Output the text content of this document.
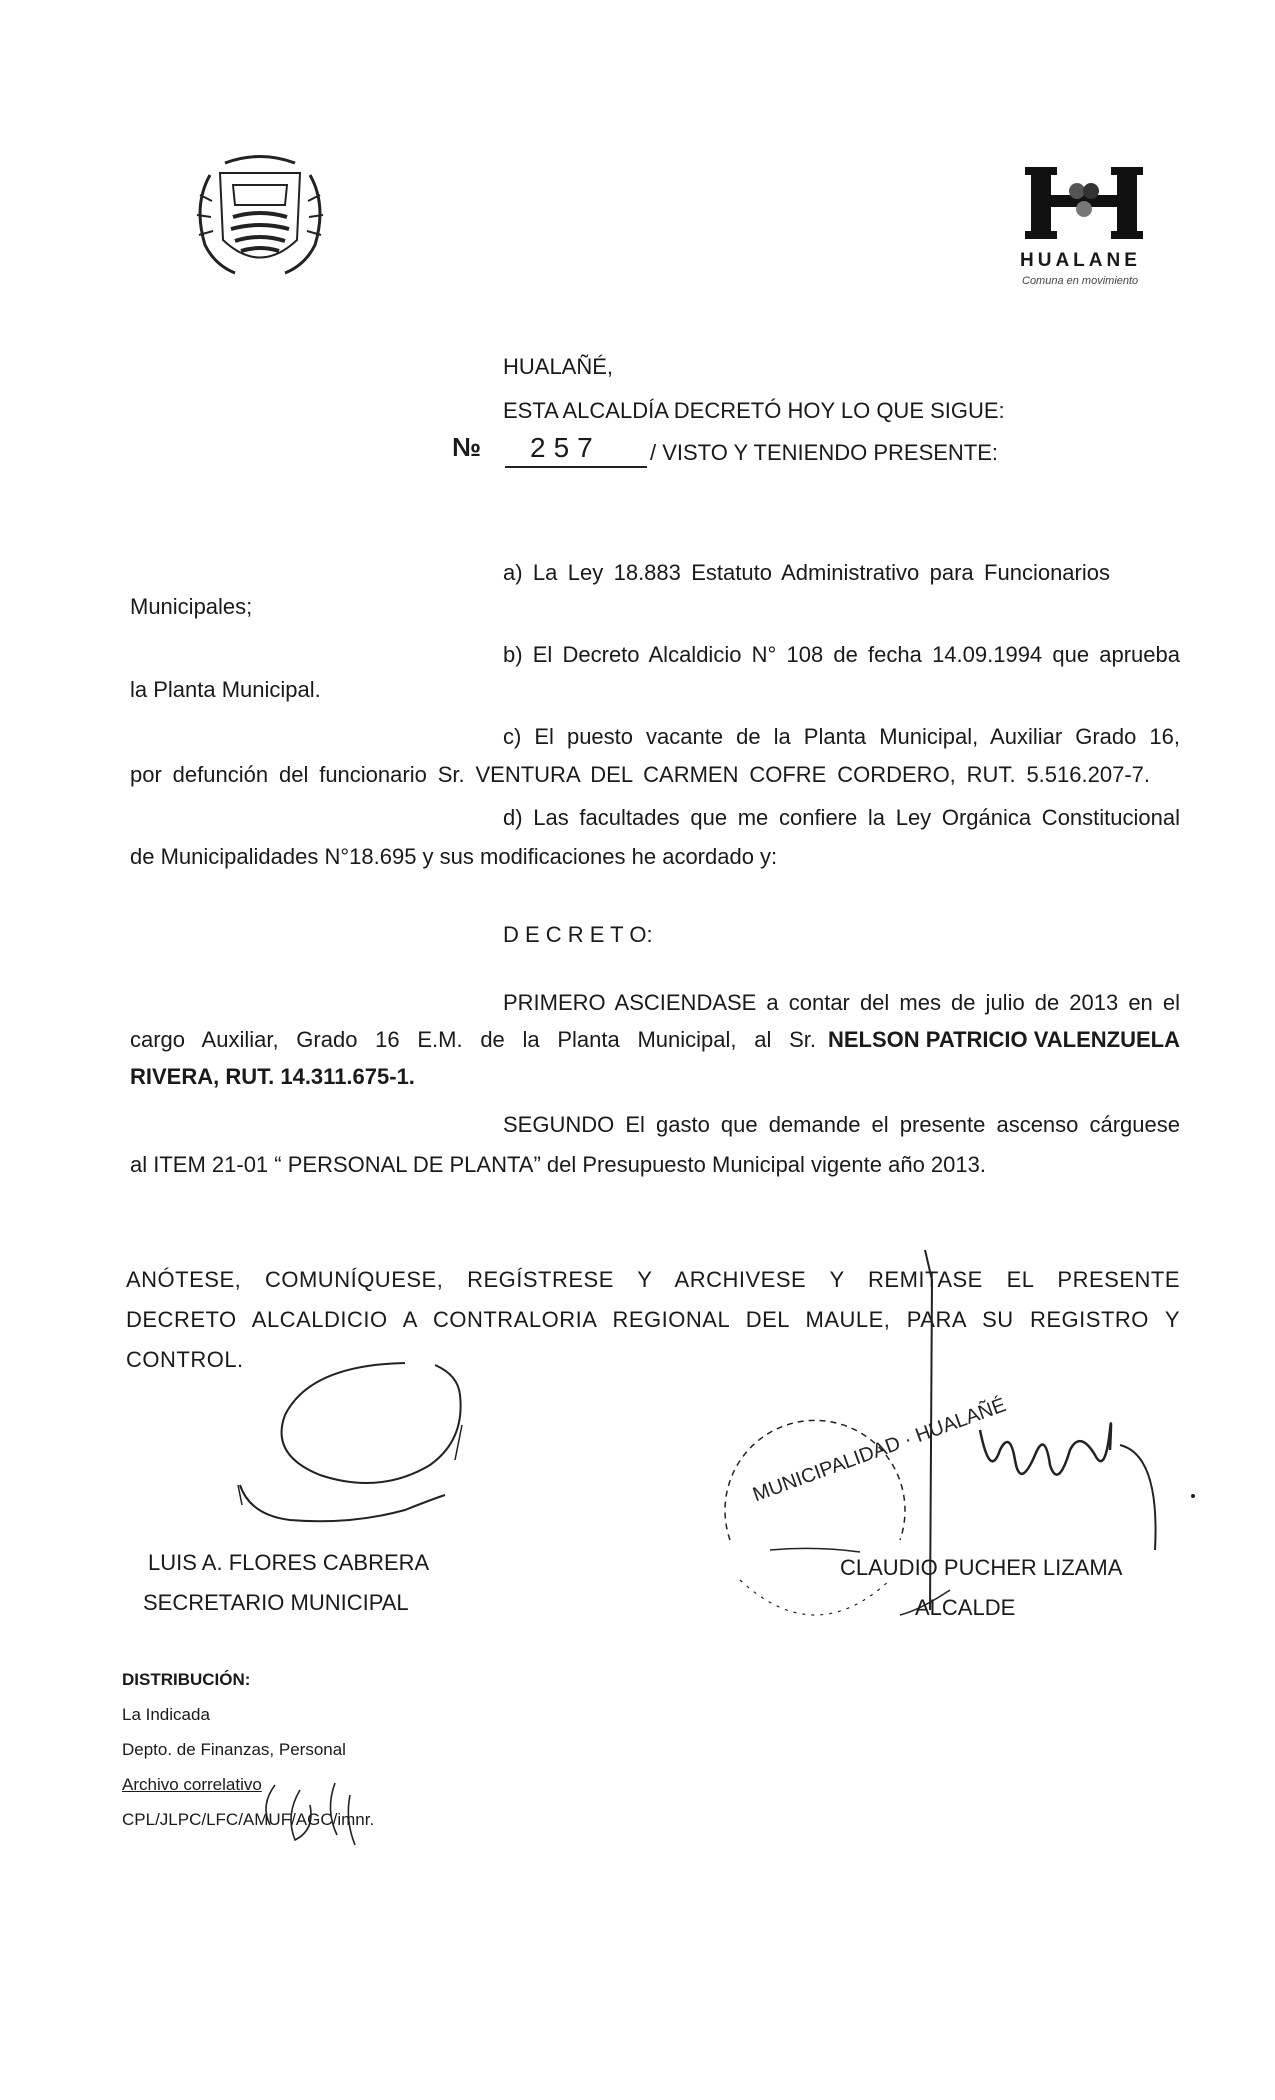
HUALANE
Comuna en movimiento
HUALAÑÉ,
ESTA ALCALDÍA DECRETÓ HOY LO QUE SIGUE:
№ 257 / VISTO Y TENIENDO PRESENTE:
a) La Ley 18.883 Estatuto Administrativo para Funcionarios
Municipales;
b) El Decreto Alcaldicio N° 108 de fecha 14.09.1994 que aprueba
la Planta Municipal.
c) El puesto vacante de la Planta Municipal, Auxiliar Grado 16,
por defunción del funcionario Sr. VENTURA DEL CARMEN COFRE CORDERO, RUT. 5.516.207-7.
d) Las facultades que me confiere la Ley Orgánica Constitucional
de Municipalidades N°18.695 y sus modificaciones he acordado y:
D E C R E T O:
PRIMERO ASCIENDASE a contar del mes de julio de 2013 en el
cargo Auxiliar, Grado 16 E.M. de la Planta Municipal, al Sr. NELSON PATRICIO VALENZUELA
RIVERA, RUT. 14.311.675-1.
SEGUNDO El gasto que demande el presente ascenso cárguese
al ITEM 21-01 “ PERSONAL DE PLANTA” del Presupuesto Municipal vigente año 2013.
ANÓTESE, COMUNÍQUESE, REGÍSTRESE Y ARCHIVESE Y REMITASE EL PRESENTE
DECRETO ALCALDICIO A CONTRALORIA REGIONAL DEL MAULE, PARA SU REGISTRO Y
CONTROL.
MUNICIPALIDAD · HUALAÑÉ
LUIS A. FLORES CABRERA
SECRETARIO MUNICIPAL
CLAUDIO PUCHER LIZAMA
ALCALDE
DISTRIBUCIÓN:
La Indicada
Depto. de Finanzas, Personal
Archivo correlativo
CPL/JLPC/LFC/AMUF/AGC/imnr.
